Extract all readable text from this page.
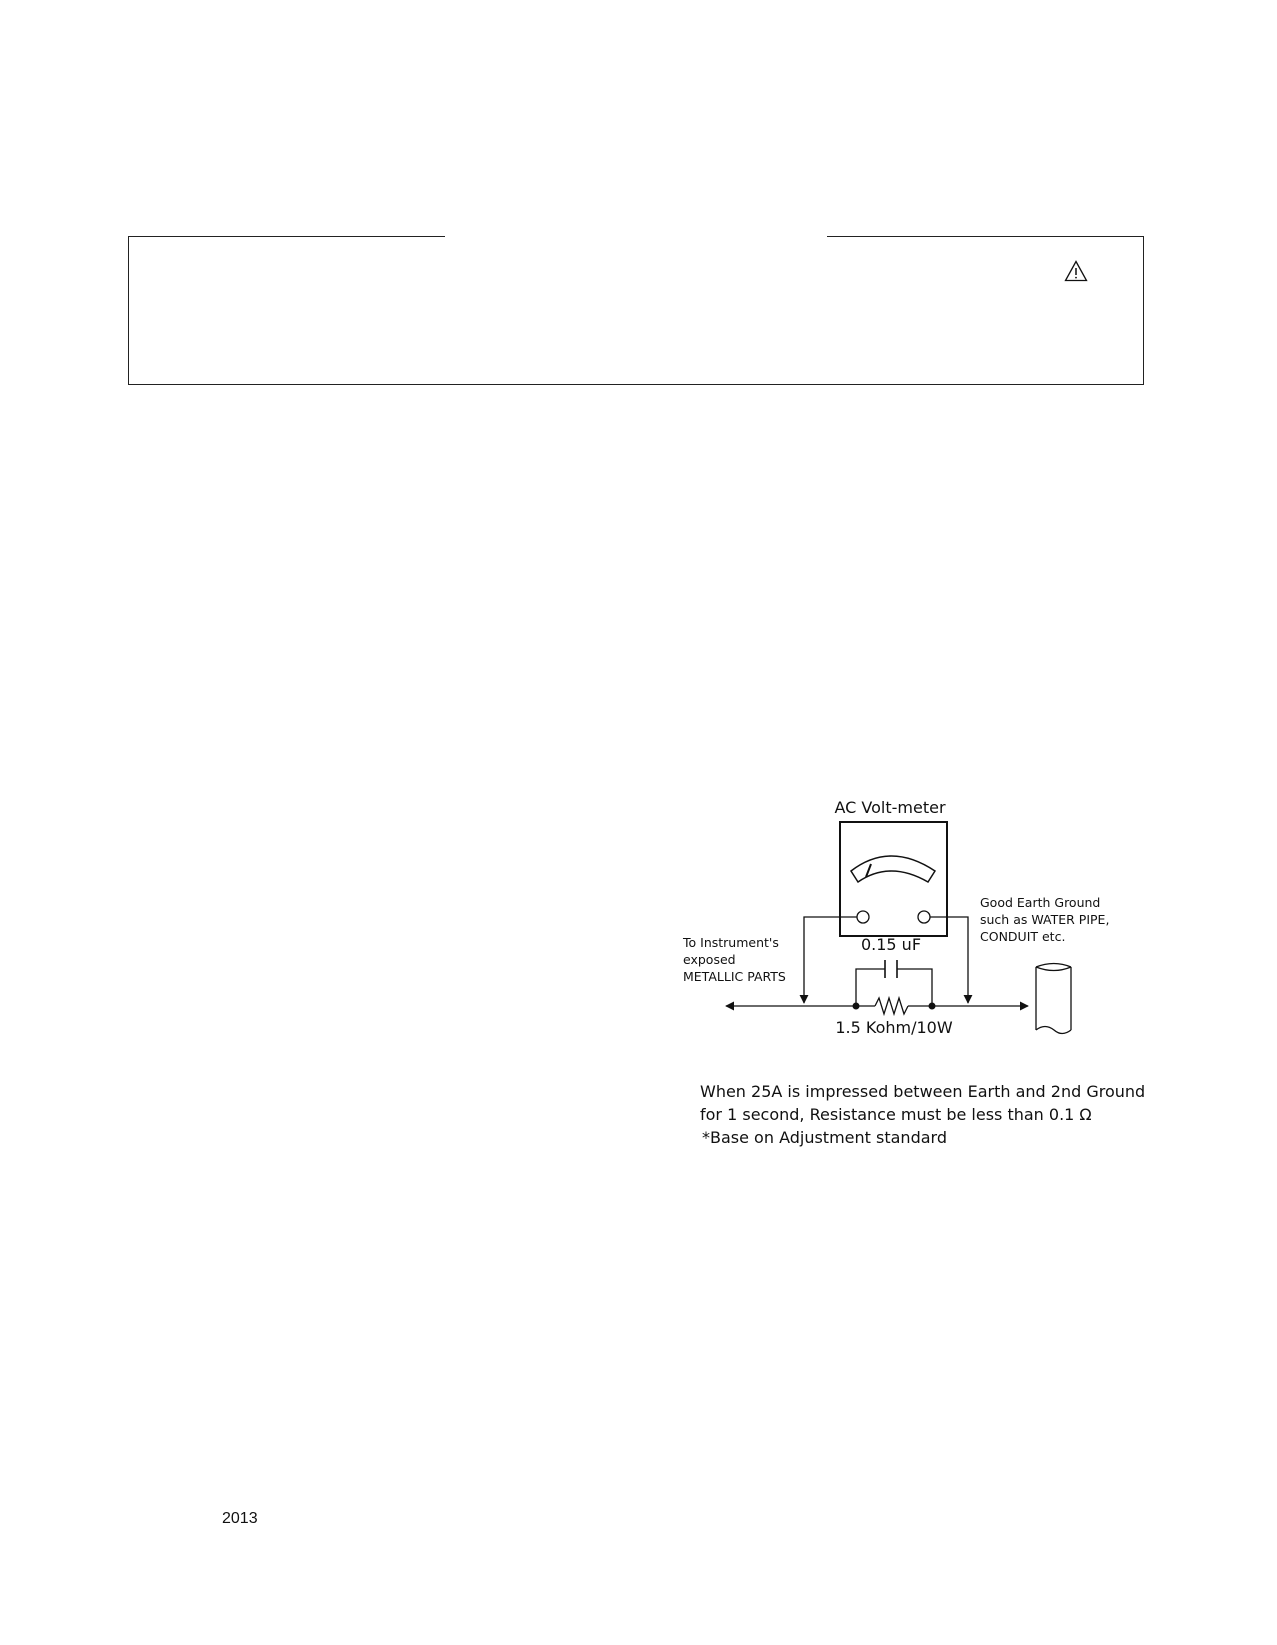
AC Volt-meter
0.15 uF
1.5 Kohm/10W
To Instrument's exposed METALLIC PARTS
Good Earth Ground such as WATER PIPE, CONDUIT etc.
When 25A is impressed between Earth and 2nd Ground
for 1 second, Resistance must be less than 0.1 Ω
*Base on Adjustment standard
2013
